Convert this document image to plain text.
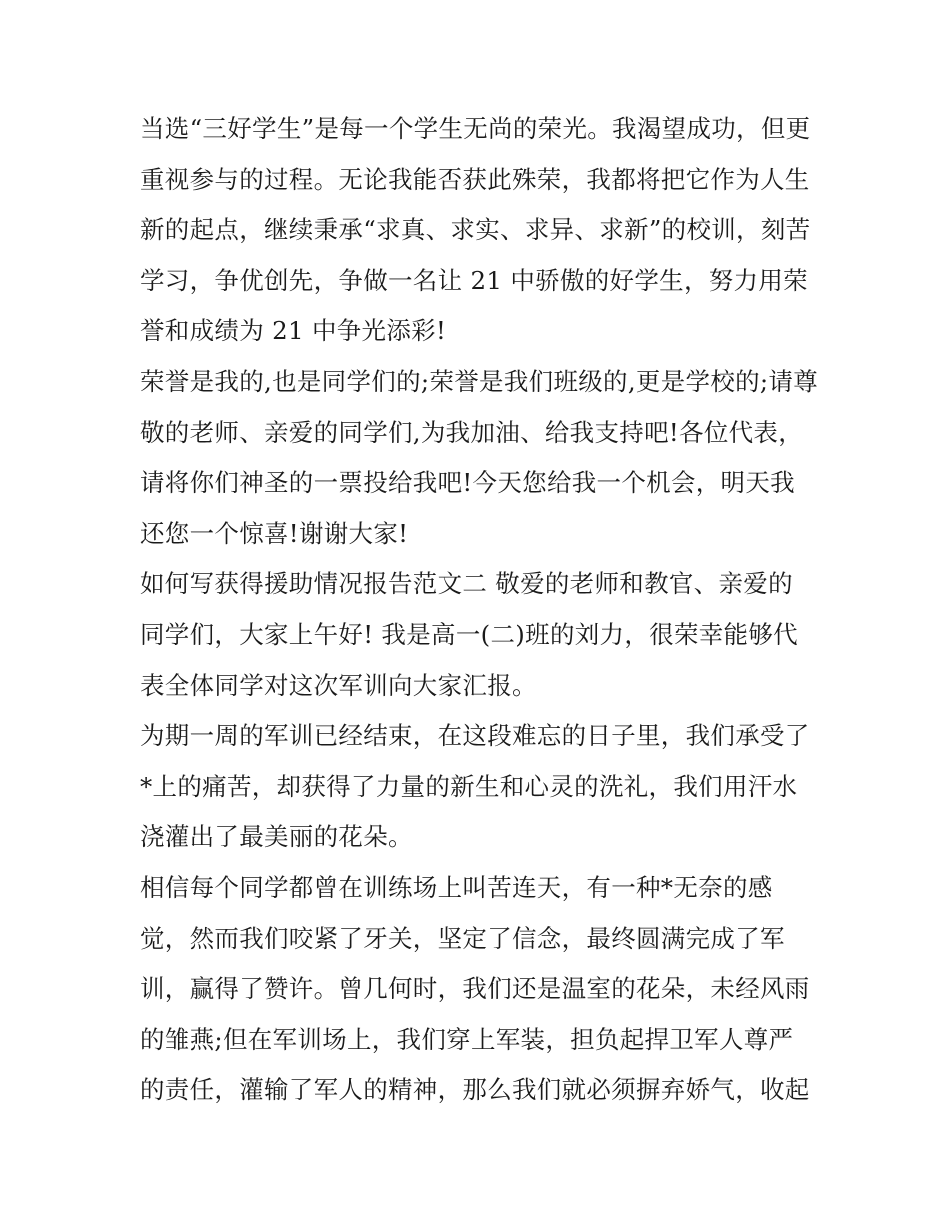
当选“三好学生”是每一个学生无尚的荣光。我渴望成功，但更
重视参与的过程。无论我能否获此殊荣，我都将把它作为人生
新的起点，继续秉承“求真、求实、求异、求新”的校训，刻苦
学习，争优创先，争做一名让 21 中骄傲的好学生，努力用荣
誉和成绩为 21 中争光添彩!
荣誉是我的,也是同学们的;荣誉是我们班级的,更是学校的;请尊
敬的老师、亲爱的同学们,为我加油、给我支持吧!各位代表，
请将你们神圣的一票投给我吧!今天您给我一个机会，明天我
还您一个惊喜!谢谢大家!
如何写获得援助情况报告范文二 敬爱的老师和教官、亲爱的
同学们，大家上午好! 我是高一(二)班的刘力，很荣幸能够代
表全体同学对这次军训向大家汇报。
为期一周的军训已经结束，在这段难忘的日子里，我们承受了
*上的痛苦，却获得了力量的新生和心灵的洗礼，我们用汗水
浇灌出了最美丽的花朵。
相信每个同学都曾在训练场上叫苦连天，有一种*无奈的感
觉，然而我们咬紧了牙关，坚定了信念，最终圆满完成了军
训，赢得了赞许。曾几何时，我们还是温室的花朵，未经风雨
的雏燕;但在军训场上，我们穿上军装，担负起捍卫军人尊严
的责任，灌输了军人的精神，那么我们就必须摒弃娇气，收起
